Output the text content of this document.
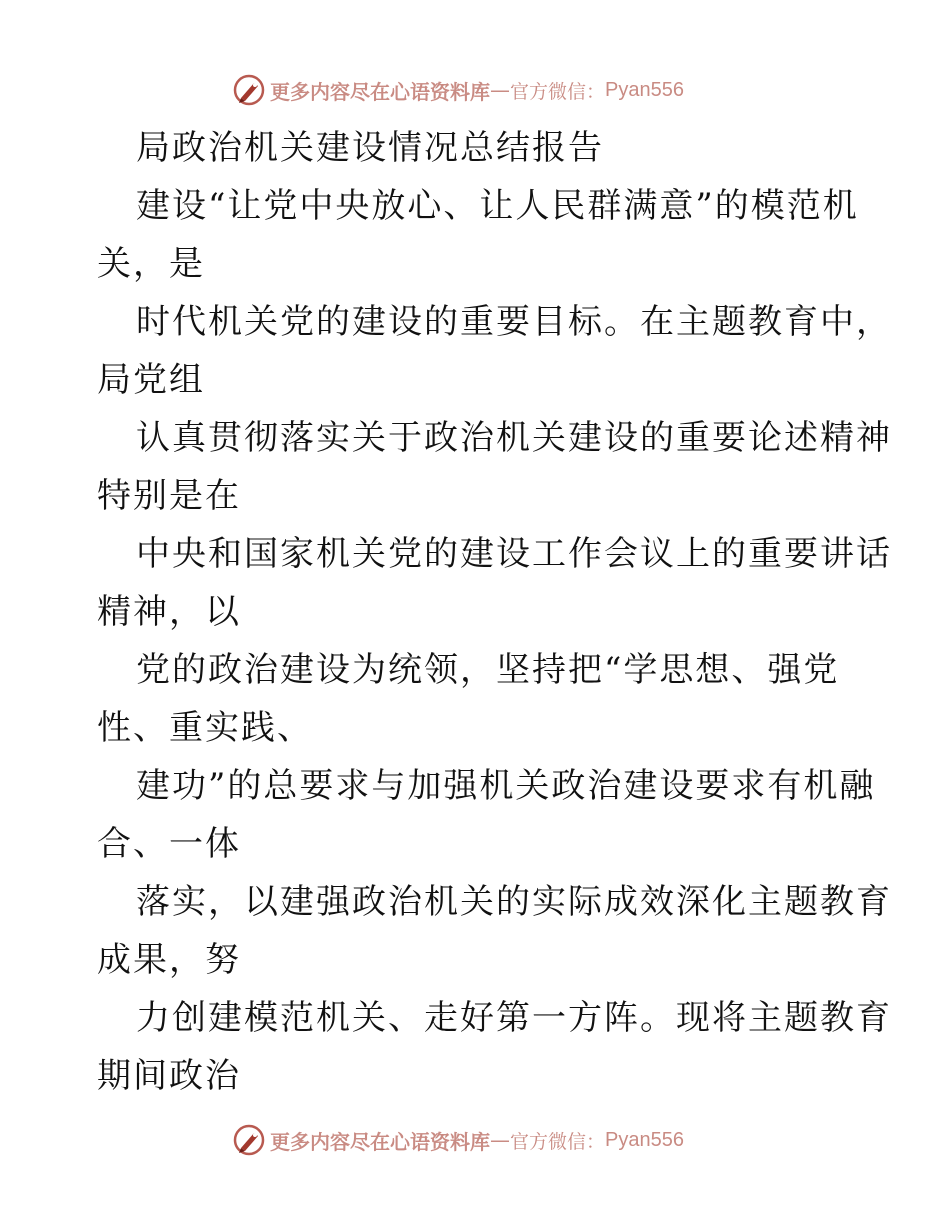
更多内容尽在心语资料库 — 官方微信： Pyan556
局政治机关建设情况总结报告
建设“让党中央放心、让人民群满意”的模范机
关，是
时代机关党的建设的重要目标。在主题教育中，
局党组
认真贯彻落实关于政治机关建设的重要论述精神
特别是在
中央和国家机关党的建设工作会议上的重要讲话
精神，以
党的政治建设为统领，坚持把“学思想、强党
性、重实践、
建功”的总要求与加强机关政治建设要求有机融
合、一体
落实，以建强政治机关的实际成效深化主题教育
成果，努
力创建模范机关、走好第一方阵。现将主题教育
期间政治
更多内容尽在心语资料库 — 官方微信： Pyan556
